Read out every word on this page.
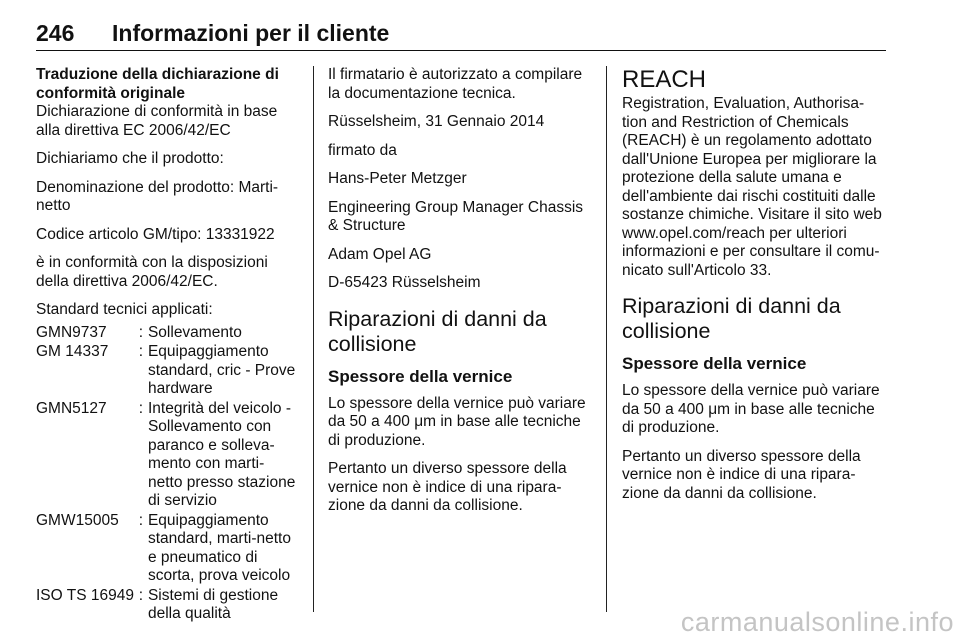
246 Informazioni per il cliente

Traduzione della dichiarazione di conformità originale

Dichiarazione di conformità in base alla direttiva EC 2006/42/EC

Dichiariamo che il prodotto:

Denominazione del prodotto: Marti-netto

Codice articolo GM/tipo: 13331922

è in conformità con la disposizioni della direttiva 2006/42/EC.

Standard tecnici applicati:

GMN9737	:	Sollevamento
GM 14337	:	Equipaggiamento standard, cric - Prove hardware
GMN5127	:	Integrità del veicolo - Sollevamento con paranco e solleva-mento con marti-netto presso stazione di servizio
GMW15005	:	Equipaggiamento standard, marti-netto e pneumatico di scorta, prova veicolo
ISO TS 16949	:	Sistemi di gestione della qualità

Il firmatario è autorizzato a compilare la documentazione tecnica.

Rüsselsheim, 31 Gennaio 2014

firmato da

Hans-Peter Metzger

Engineering Group Manager Chassis & Structure

Adam Opel AG

D-65423 Rüsselsheim

Riparazioni di danni da collisione
Spessore della vernice

Lo spessore della vernice può variare da 50 a 400 μm in base alle tecniche di produzione.

Pertanto un diverso spessore della vernice non è indice di una ripara-zione da danni da collisione.

REACH

Registration, Evaluation, Authorisa-tion and Restriction of Chemicals (REACH) è un regolamento adottato dall'Unione Europea per migliorare la protezione della salute umana e dell'ambiente dai rischi costituiti dalle sostanze chimiche. Visitare il sito web www.opel.com/reach per ulteriori informazioni e per consultare il comu-nicato sull'Articolo 33.

Riparazioni di danni da collisione
Spessore della vernice

Lo spessore della vernice può variare da 50 a 400 μm in base alle tecniche di produzione.

Pertanto un diverso spessore della vernice non è indice di una ripara-zione da danni da collisione.

carmanualsonline.info
